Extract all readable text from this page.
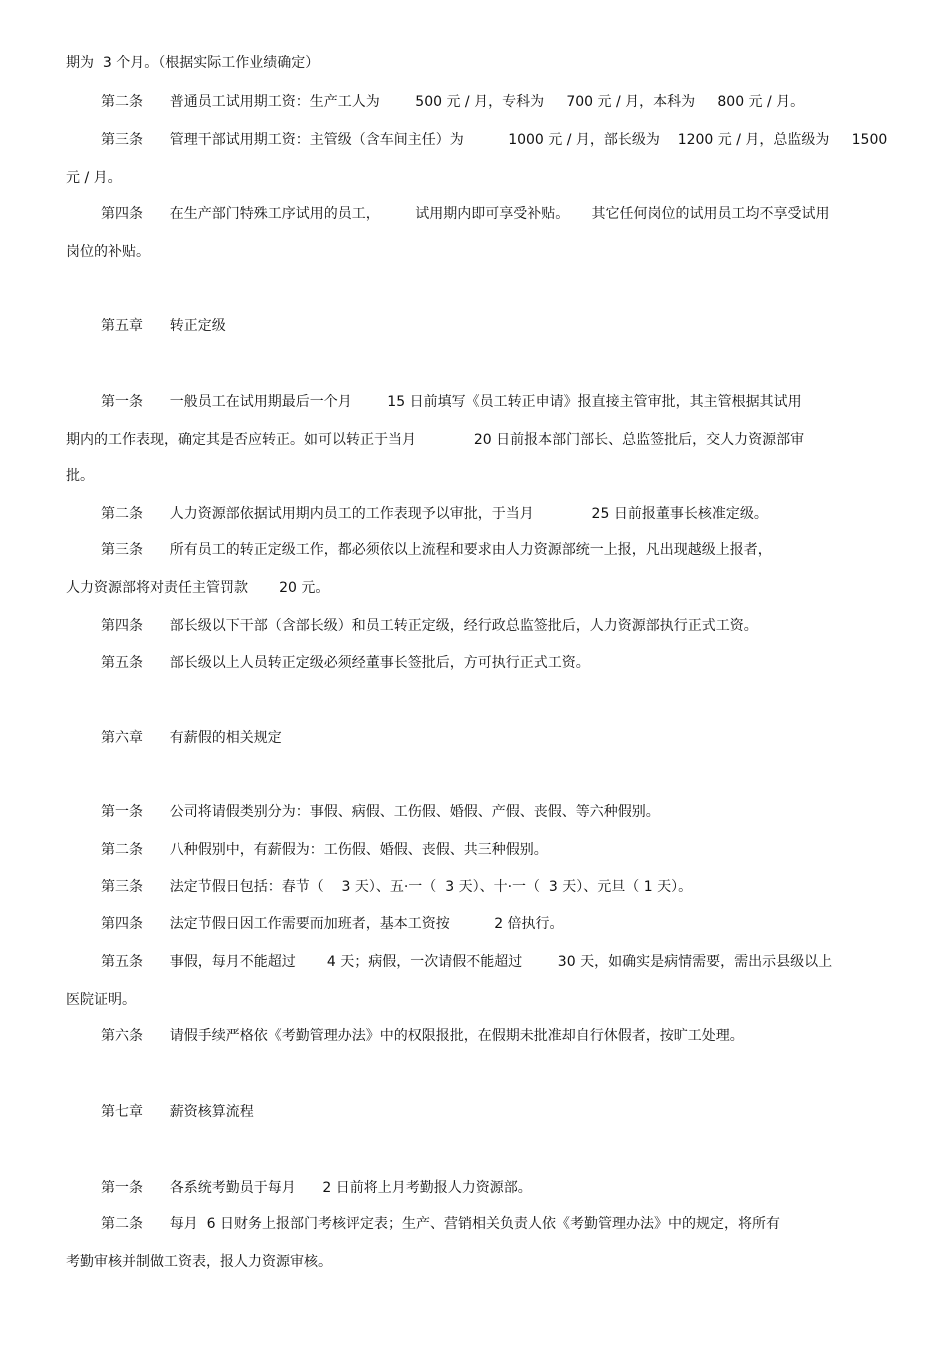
期为  3 个月。（根据实际工作业绩确定）
第二条      普通员工试用期工资：生产工人为        500 元 / 月，专科为     700 元 / 月，本科为     800 元 / 月。
第三条      管理干部试用期工资：主管级（含车间主任）为          1000 元 / 月，部长级为    1200 元 / 月，总监级为     1500
元 / 月。
第四条      在生产部门特殊工序试用的员工，        试用期内即可享受补贴。     其它任何岗位的试用员工均不享受试用
岗位的补贴。
第五章      转正定级
第一条      一般员工在试用期最后一个月        15 日前填写《员工转正申请》报直接主管审批，其主管根据其试用
期内的工作表现，确定其是否应转正。如可以转正于当月             20 日前报本部门部长、总监签批后，交人力资源部审
批。
第二条      人力资源部依据试用期内员工的工作表现予以审批，于当月             25 日前报董事长核准定级。
第三条      所有员工的转正定级工作，都必须依以上流程和要求由人力资源部统一上报，凡出现越级上报者，
人力资源部将对责任主管罚款       20 元。
第四条      部长级以下干部（含部长级）和员工转正定级，经行政总监签批后，人力资源部执行正式工资。
第五条      部长级以上人员转正定级必须经董事长签批后，方可执行正式工资。
第六章      有薪假的相关规定
第一条      公司将请假类别分为：事假、病假、工伤假、婚假、产假、丧假、等六种假别。
第二条      八种假别中，有薪假为：工伤假、婚假、丧假、共三种假别。
第三条      法定节假日包括：春节（    3 天）、五·一（  3 天）、十·一（  3 天）、元旦（ 1 天）。
第四条      法定节假日因工作需要而加班者，基本工资按          2 倍执行。
第五条      事假，每月不能超过       4 天；病假，一次请假不能超过        30 天，如确实是病情需要，需出示县级以上
医院证明。
第六条      请假手续严格依《考勤管理办法》中的权限报批，在假期未批准却自行休假者，按旷工处理。
第七章      薪资核算流程
第一条      各系统考勤员于每月      2 日前将上月考勤报人力资源部。
第二条      每月  6 日财务上报部门考核评定表；生产、营销相关负责人依《考勤管理办法》中的规定，将所有
考勤审核并制做工资表，报人力资源审核。
